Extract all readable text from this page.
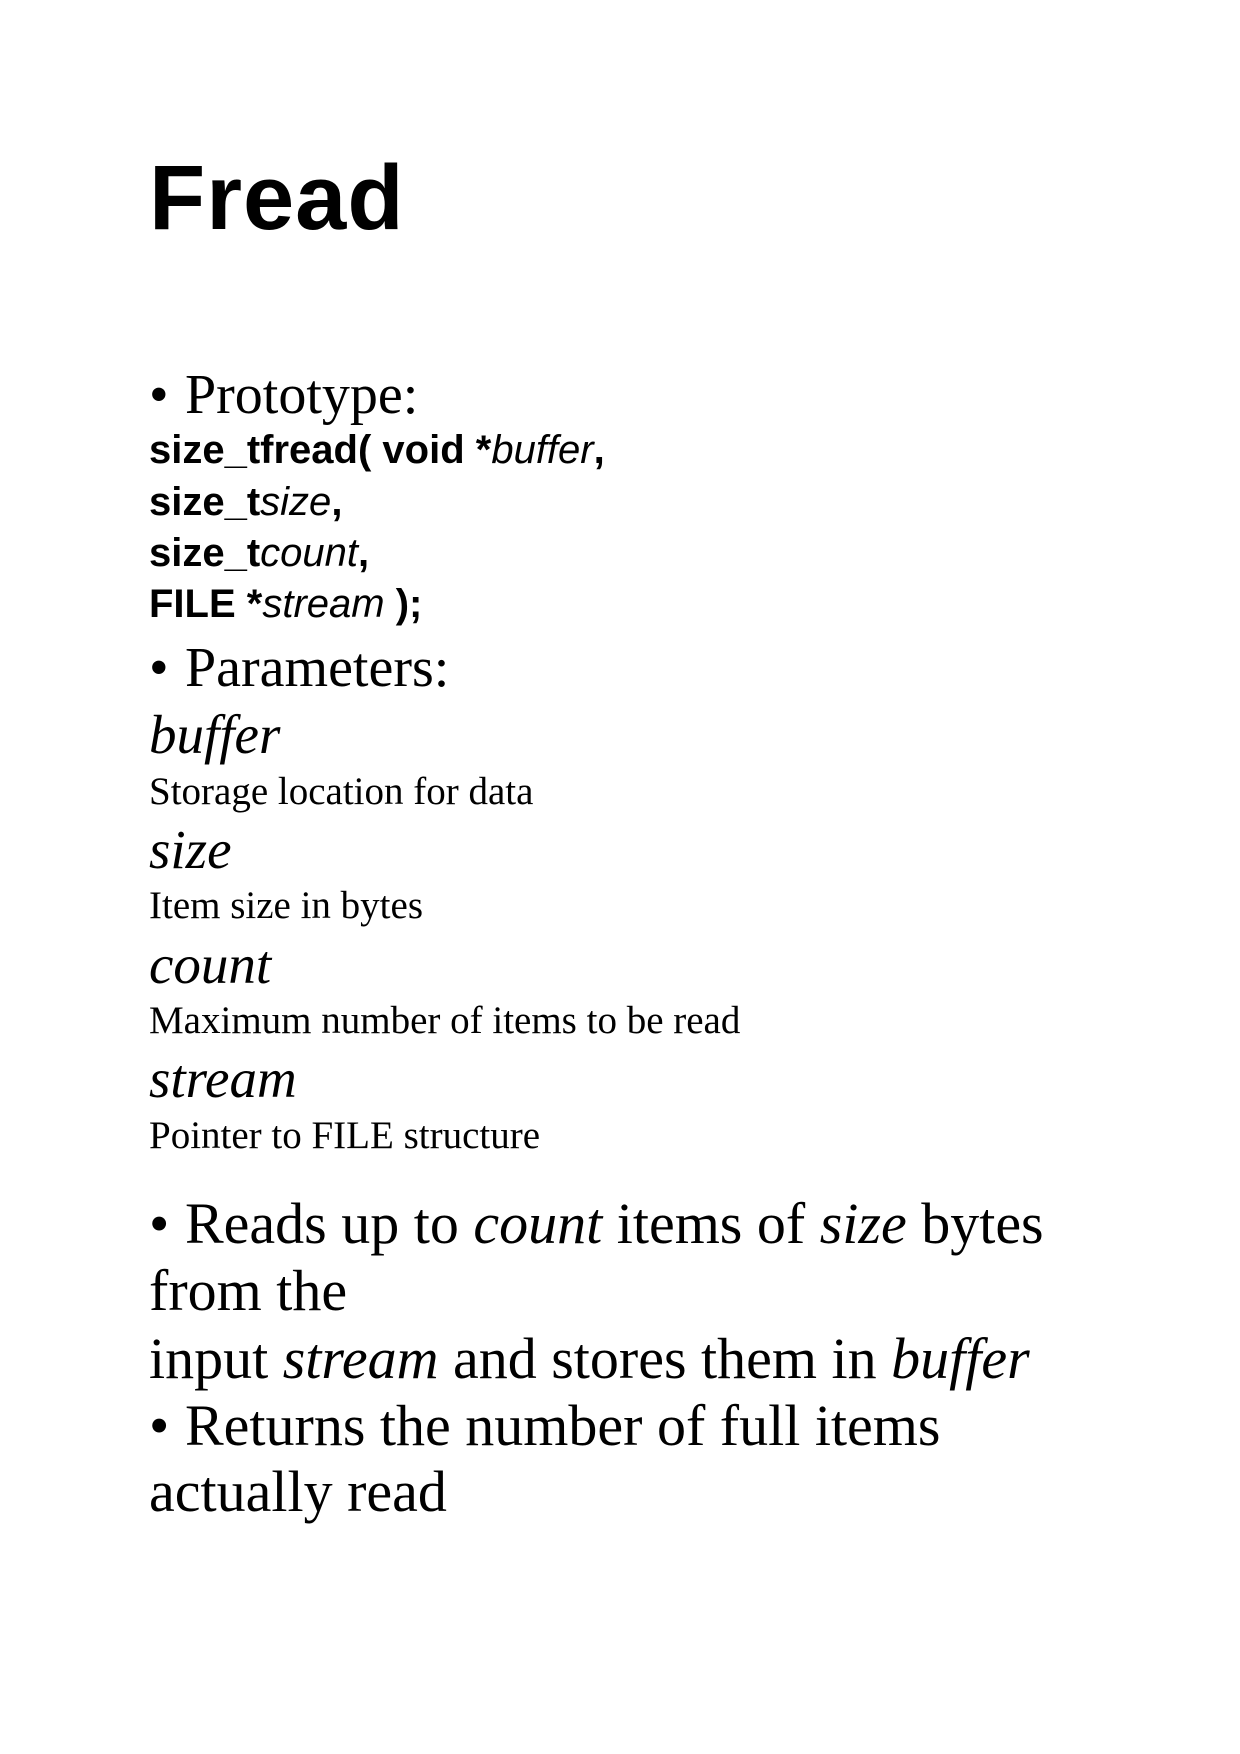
Fread
• Prototype:
size_tfread( void *buffer,
size_tsize,
size_tcount,
FILE *stream );
• Parameters:
buffer
Storage location for data
size
Item size in bytes
count
Maximum number of items to be read
stream
Pointer to FILE structure
• Reads up to count items of size bytes
from the
input stream and stores them in buffer
• Returns the number of full items
actually read
